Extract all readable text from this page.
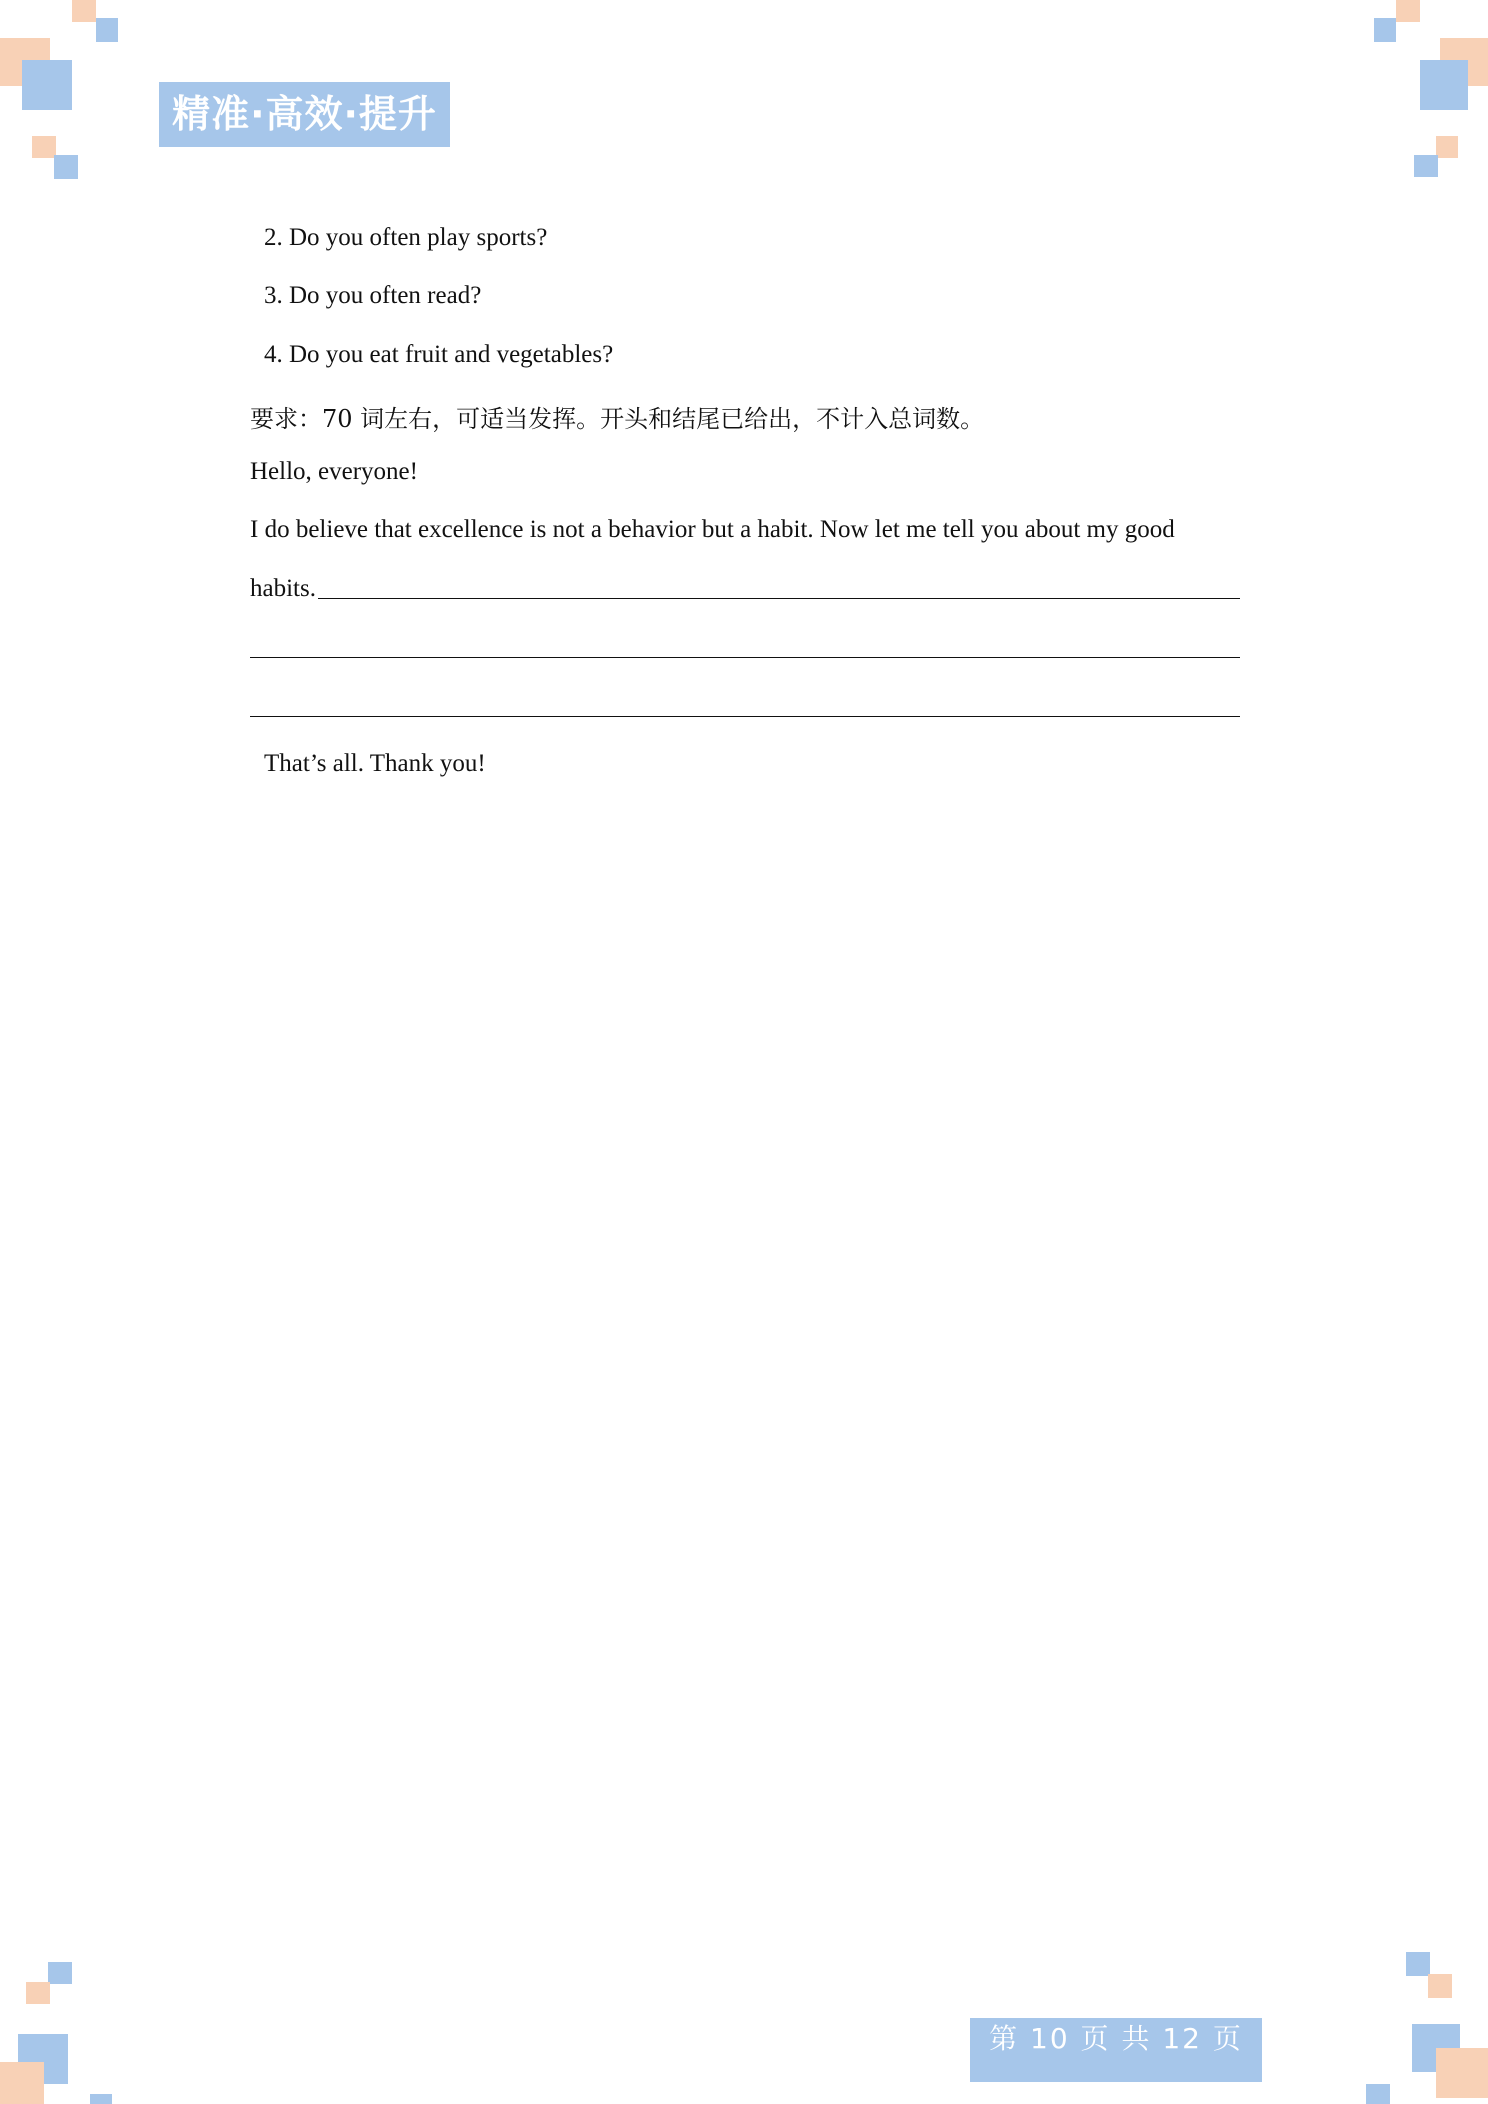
精准·高效·提升
2. Do you often play sports?
3. Do you often read?
4. Do you eat fruit and vegetables?
要求：70 词左右，可适当发挥。开头和结尾已给出，不计入总词数。
Hello, everyone!
I do believe that excellence is not a behavior but a habit. Now let me tell you about my good
habits.
That’s all. Thank you!
第 10 页 共 12 页
